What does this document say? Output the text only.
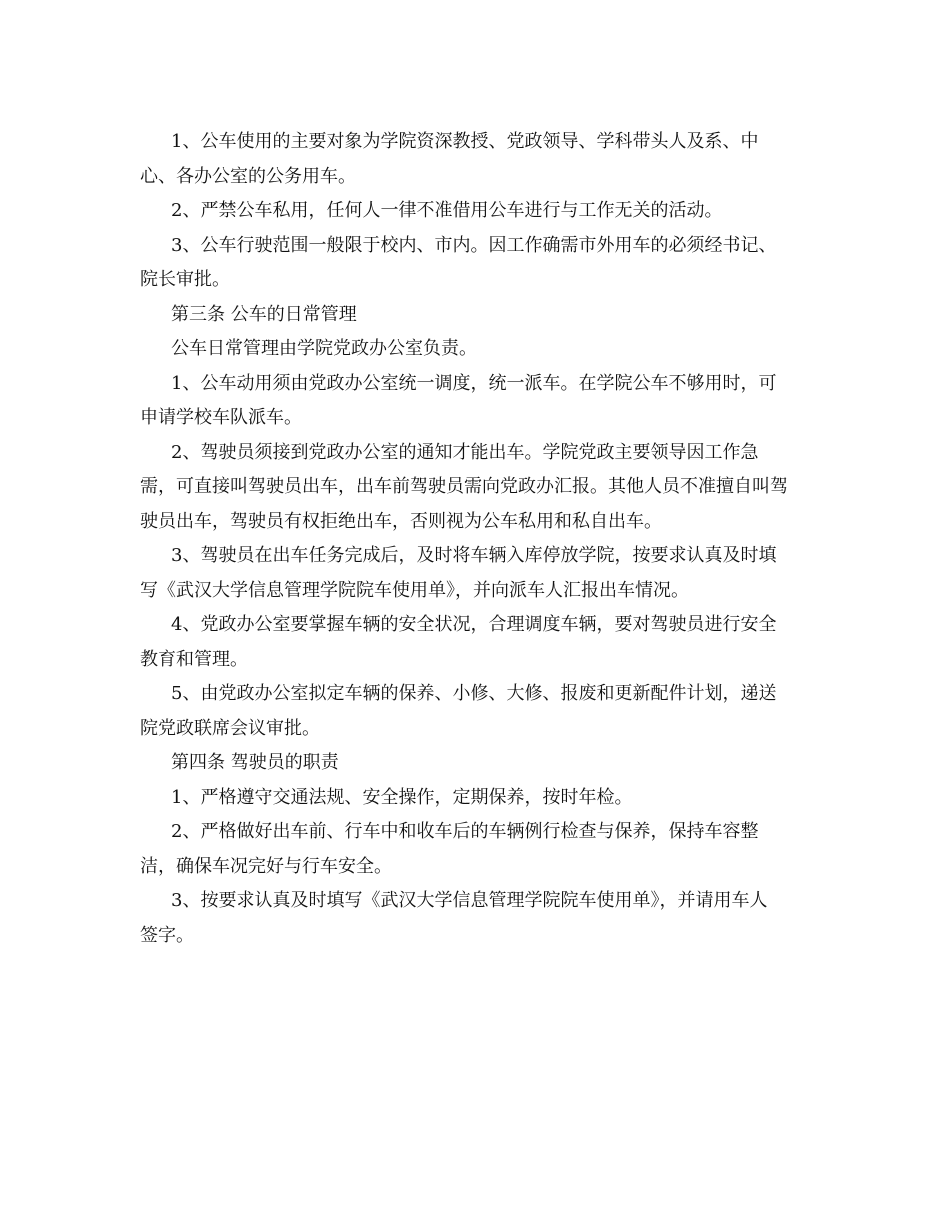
1、公车使用的主要对象为学院资深教授、党政领导、学科带头人及系、中
心、各办公室的公务用车。
2、严禁公车私用，任何人一律不准借用公车进行与工作无关的活动。
3、公车行驶范围一般限于校内、市内。因工作确需市外用车的必须经书记、
院长审批。
第三条 公车的日常管理
公车日常管理由学院党政办公室负责。
1、公车动用须由党政办公室统一调度，统一派车。在学院公车不够用时，可
申请学校车队派车。
2、驾驶员须接到党政办公室的通知才能出车。学院党政主要领导因工作急
需，可直接叫驾驶员出车，出车前驾驶员需向党政办汇报。其他人员不准擅自叫驾
驶员出车，驾驶员有权拒绝出车，否则视为公车私用和私自出车。
3、驾驶员在出车任务完成后，及时将车辆入库停放学院，按要求认真及时填
写《武汉大学信息管理学院院车使用单》，并向派车人汇报出车情况。
4、党政办公室要掌握车辆的安全状况，合理调度车辆，要对驾驶员进行安全
教育和管理。
5、由党政办公室拟定车辆的保养、小修、大修、报废和更新配件计划，递送
院党政联席会议审批。
第四条 驾驶员的职责
1、严格遵守交通法规、安全操作，定期保养，按时年检。
2、严格做好出车前、行车中和收车后的车辆例行检查与保养，保持车容整
洁，确保车况完好与行车安全。
3、按要求认真及时填写《武汉大学信息管理学院院车使用单》，并请用车人
签字。
